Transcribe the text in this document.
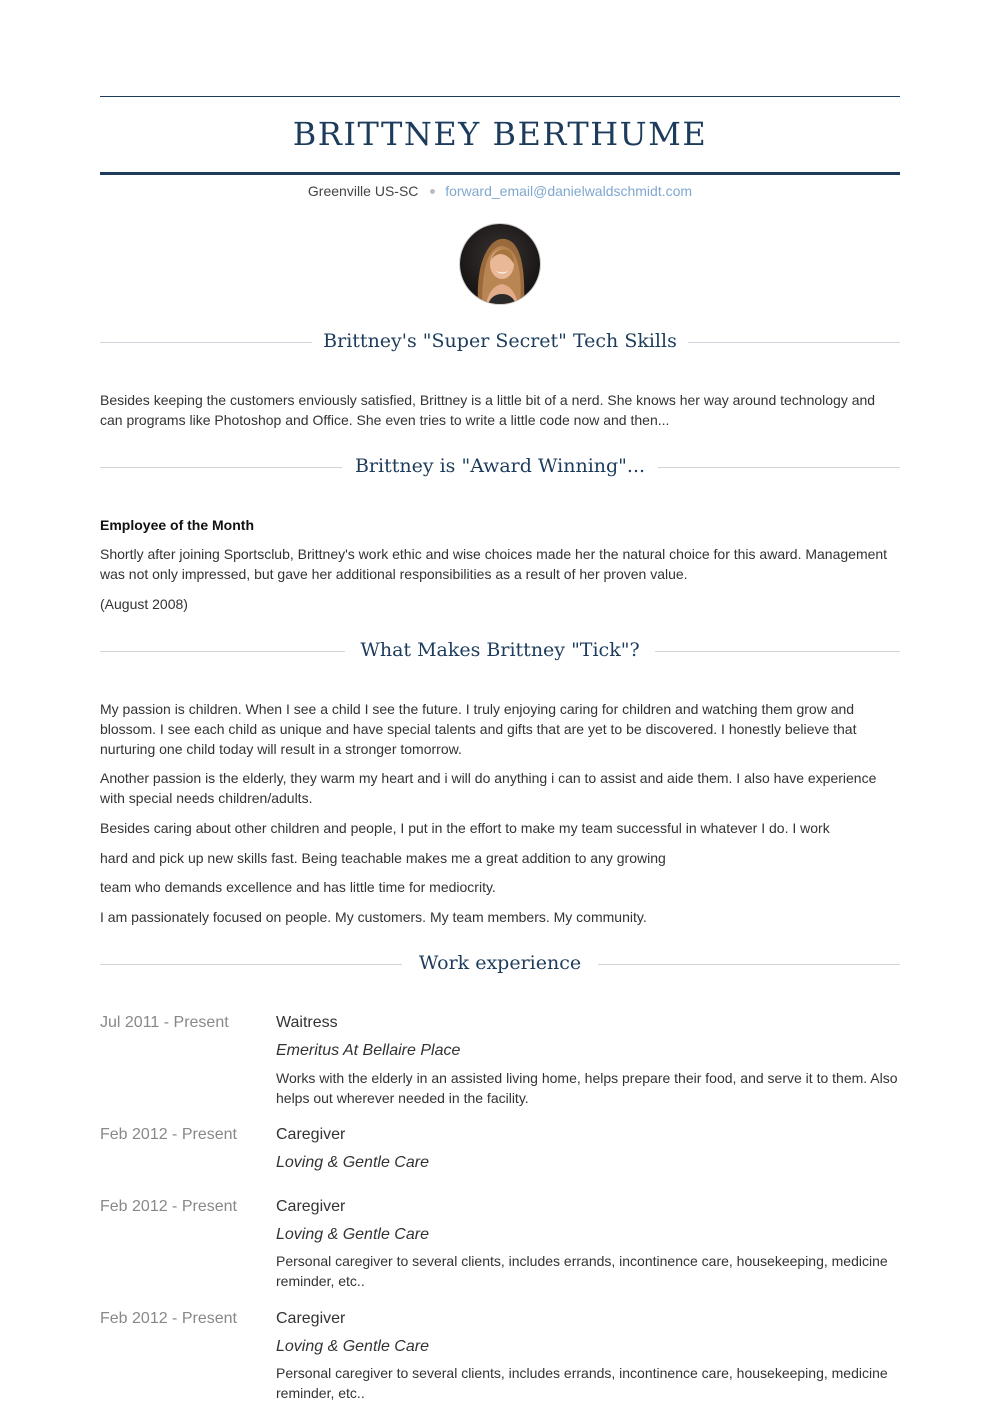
BRITTNEY BERTHUME
Greenville US-SC forward_email@danielwaldschmidt.com
Brittney's "Super Secret" Tech Skills

Besides keeping the customers enviously satisfied, Brittney is a little bit of a nerd. She knows her way around technology and can programs like Photoshop and Office. She even tries to write a little code now and then...

Brittney is "Award Winning"...
Employee of the Month

Shortly after joining Sportsclub, Brittney's work ethic and wise choices made her the natural choice for this award. Management was not only impressed, but gave her additional responsibilities as a result of her proven value.

(August 2008)

What Makes Brittney "Tick"?

My passion is children. When I see a child I see the future. I truly enjoying caring for children and watching them grow and blossom. I see each child as unique and have special talents and gifts that are yet to be discovered. I honestly believe that nurturing one child today will result in a stronger tomorrow.

Another passion is the elderly, they warm my heart and i will do anything i can to assist and aide them. I also have experience with special needs children/adults.

Besides caring about other children and people, I put in the effort to make my team successful in whatever I do. I work

hard and pick up new skills fast. Being teachable makes me a great addition to any growing

team who demands excellence and has little time for mediocrity.

I am passionately focused on people. My customers. My team members. My community.

Work experience
Jul 2011 - Present	Waitress
Emeritus At Bellaire Place

Works with the elderly in an assisted living home, helps prepare their food, and serve it to them. Also helps out wherever needed in the facility.

Feb 2012 - Present Caregiver
Loving & Gentle Care
Feb 2012 - Present Caregiver
Loving & Gentle Care

Personal caregiver to several clients, includes errands, incontinence care, housekeeping, medicine reminder, etc..

Feb 2012 - Present Caregiver
Loving & Gentle Care

Personal caregiver to several clients, includes errands, incontinence care, housekeeping, medicine reminder, etc..
